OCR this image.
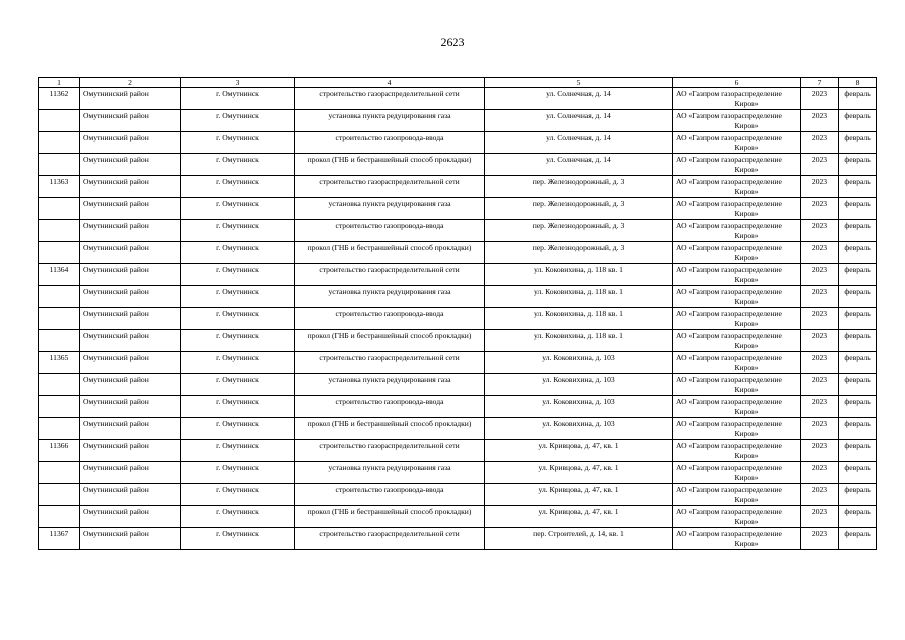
2623
1	2	3	4	5	6	7	8
11362	Омутнинский район	г. Омутнинск	строительство газораспределительной сети	ул. Солнечная, д. 14	АО «Газпром газораспределение
Киров»	2023	февраль
	Омутнинский район	г. Омутнинск	установка пункта редуцирования газа	ул. Солнечная, д. 14	АО «Газпром газораспределение
Киров»	2023	февраль
	Омутнинский район	г. Омутнинск	строительство газопровода-ввода	ул. Солнечная, д. 14	АО «Газпром газораспределение
Киров»	2023	февраль
	Омутнинский район	г. Омутнинск	прокол (ГНБ и бестраншейный способ прокладки)	ул. Солнечная, д. 14	АО «Газпром газораспределение
Киров»	2023	февраль
11363	Омутнинский район	г. Омутнинск	строительство газораспределительной сети	пер. Железнодорожный, д. 3	АО «Газпром газораспределение
Киров»	2023	февраль
	Омутнинский район	г. Омутнинск	установка пункта редуцирования газа	пер. Железнодорожный, д. 3	АО «Газпром газораспределение
Киров»	2023	февраль
	Омутнинский район	г. Омутнинск	строительство газопровода-ввода	пер. Железнодорожный, д. 3	АО «Газпром газораспределение
Киров»	2023	февраль
	Омутнинский район	г. Омутнинск	прокол (ГНБ и бестраншейный способ прокладки)	пер. Железнодорожный, д. 3	АО «Газпром газораспределение
Киров»	2023	февраль
11364	Омутнинский район	г. Омутнинск	строительство газораспределительной сети	ул. Коковихина, д. 118 кв. 1	АО «Газпром газораспределение
Киров»	2023	февраль
	Омутнинский район	г. Омутнинск	установка пункта редуцирования газа	ул. Коковихина, д. 118 кв. 1	АО «Газпром газораспределение
Киров»	2023	февраль
	Омутнинский район	г. Омутнинск	строительство газопровода-ввода	ул. Коковихина, д. 118 кв. 1	АО «Газпром газораспределение
Киров»	2023	февраль
	Омутнинский район	г. Омутнинск	прокол (ГНБ и бестраншейный способ прокладки)	ул. Коковихина, д. 118 кв. 1	АО «Газпром газораспределение
Киров»	2023	февраль
11365	Омутнинский район	г. Омутнинск	строительство газораспределительной сети	ул. Коковихина, д. 103	АО «Газпром газораспределение
Киров»	2023	февраль
	Омутнинский район	г. Омутнинск	установка пункта редуцирования газа	ул. Коковихина, д. 103	АО «Газпром газораспределение
Киров»	2023	февраль
	Омутнинский район	г. Омутнинск	строительство газопровода-ввода	ул. Коковихина, д. 103	АО «Газпром газораспределение
Киров»	2023	февраль
	Омутнинский район	г. Омутнинск	прокол (ГНБ и бестраншейный способ прокладки)	ул. Коковихина, д. 103	АО «Газпром газораспределение
Киров»	2023	февраль
11366	Омутнинский район	г. Омутнинск	строительство газораспределительной сети	ул. Кривцова, д. 47, кв. 1	АО «Газпром газораспределение
Киров»	2023	февраль
	Омутнинский район	г. Омутнинск	установка пункта редуцирования газа	ул. Кривцова, д. 47, кв. 1	АО «Газпром газораспределение
Киров»	2023	февраль
	Омутнинский район	г. Омутнинск	строительство газопровода-ввода	ул. Кривцова, д. 47, кв. 1	АО «Газпром газораспределение
Киров»	2023	февраль
	Омутнинский район	г. Омутнинск	прокол (ГНБ и бестраншейный способ прокладки)	ул. Кривцова, д. 47, кв. 1	АО «Газпром газораспределение
Киров»	2023	февраль
11367	Омутнинский район	г. Омутнинск	строительство газораспределительной сети	пер. Строителей, д. 14, кв. 1	АО «Газпром газораспределение
Киров»	2023	февраль
